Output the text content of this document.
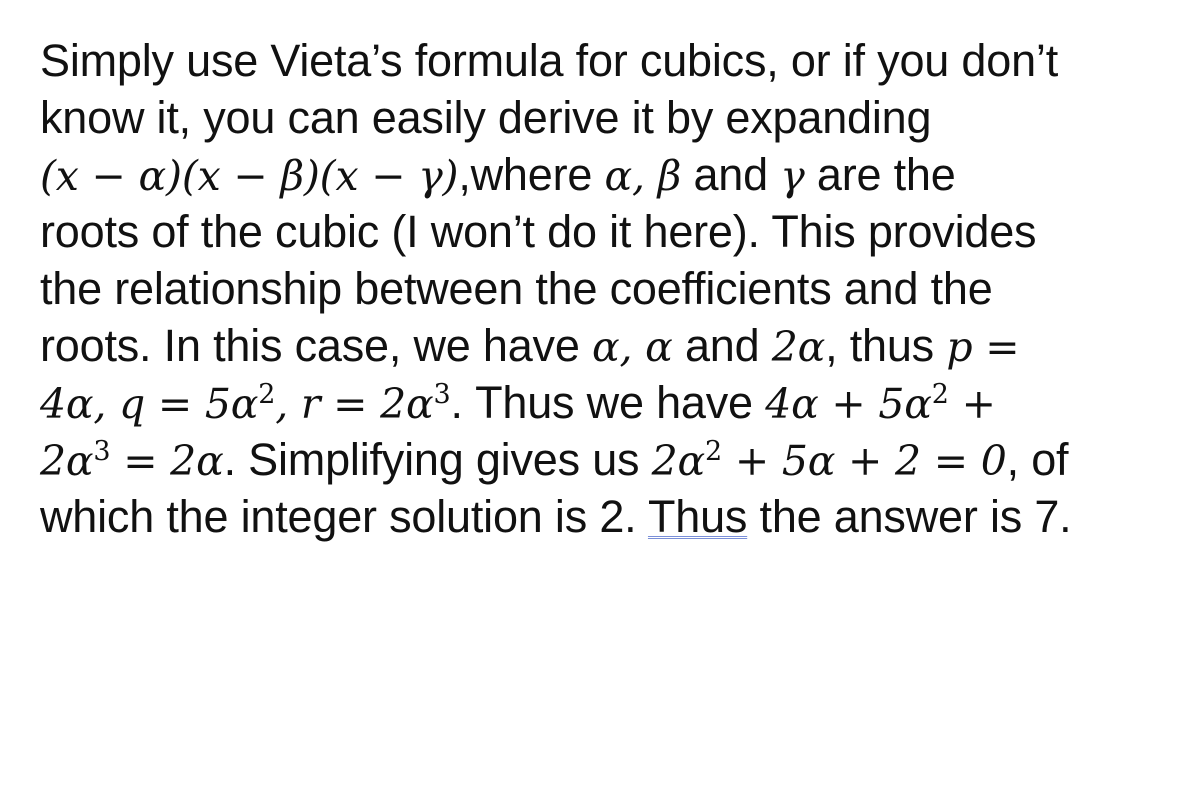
Simply use Vieta’s formula for cubics, or if you don’t
know it, you can easily derive it by expanding
(x − α)(x − β)(x − γ),where α, β and γ are the
roots of the cubic (I won’t do it here). This provides
the relationship between the coefficients and the
roots. In this case, we have α, α and 2α, thus p =
4α, $q = 5\alpha^2$, $r = 2\alpha^3$. Thus we have $4\alpha + 5\alpha^2$ +
$2\alpha^3 = 2\alpha$. Simplifying gives us $2\alpha^2 + 5\alpha + 2 = 0$, of
which the integer solution is 2. Thus the answer is 7.
